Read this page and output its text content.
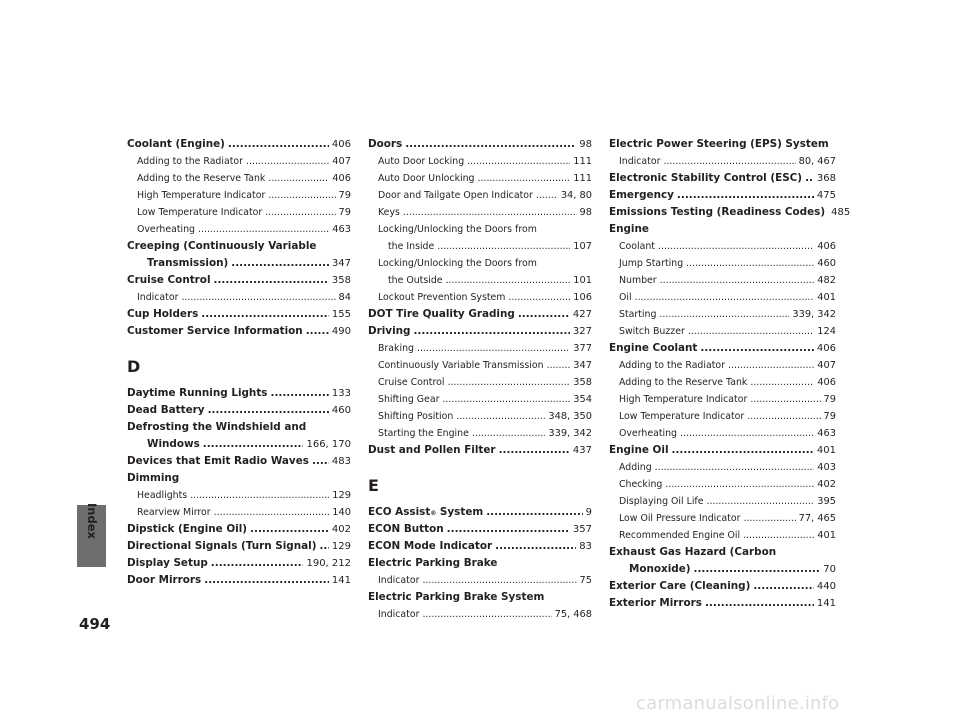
Index
494
Coolant (Engine) .....	406
Adding to the Radiator .....	407
Adding to the Reserve Tank .....	406
High Temperature Indicator .....	79
Low Temperature Indicator .....	79
Overheating .....	463
Creeping (Continuously Variable
Transmission) .....	347
Cruise Control .....	358
Indicator .....	84
Cup Holders .....	155
Customer Service Information .....	490
D
Daytime Running Lights .....	133
Dead Battery .....	460
Defrosting the Windshield and
Windows .....	166, 170
Devices that Emit Radio Waves ..... 483
Dimming
Headlights .....	129
Rearview Mirror .....	140
Dipstick (Engine Oil) .....	402
Directional Signals (Turn Signal) ..... 129
Display Setup .....	190, 212
Door Mirrors .....	141
Doors .....	98
Auto Door Locking .....	111
Auto Door Unlocking .....	111
Door and Tailgate Open Indicator .....	34, 80
Keys .....	98
Locking/Unlocking the Doors from
the Inside .....	107
Locking/Unlocking the Doors from
the Outside .....	101
Lockout Prevention System .....	106
DOT Tire Quality Grading .....	427
Driving .....	327
Braking .....	377
Continuously Variable Transmission .....	347
Cruise Control .....	358
Shifting Gear .....	354
Shifting Position .....	348, 350
Starting the Engine .....	339, 342
Dust and Pollen Filter .....	437
E
ECO Assist ® System .....	9
ECON Button .....	357
ECON Mode Indicator .....	83
Electric Parking Brake
Indicator .....	75
Electric Parking Brake System
Indicator .....	75, 468
Electric Power Steering (EPS) System
Indicator .....	80, 467
Electronic Stability Control (ESC) ..... 368
Emergency .....	475
Emissions Testing (Readiness Codes) 485
Engine
Coolant .....	406
Jump Starting .....	460
Number .....	482
Oil .....	401
Starting .....	339, 342
Switch Buzzer .....	124
Engine Coolant .....	406
Adding to the Radiator .....	407
Adding to the Reserve Tank .....	406
High Temperature Indicator .....	79
Low Temperature Indicator .....	79
Overheating .....	463
Engine Oil .....	401
Adding .....	403
Checking .....	402
Displaying Oil Life .....	395
Low Oil Pressure Indicator .....	77, 465
Recommended Engine Oil .....	401
Exhaust Gas Hazard (Carbon
Monoxide) .....	70
Exterior Care (Cleaning) .....	440
Exterior Mirrors .....	141
carmanualsonline.info
